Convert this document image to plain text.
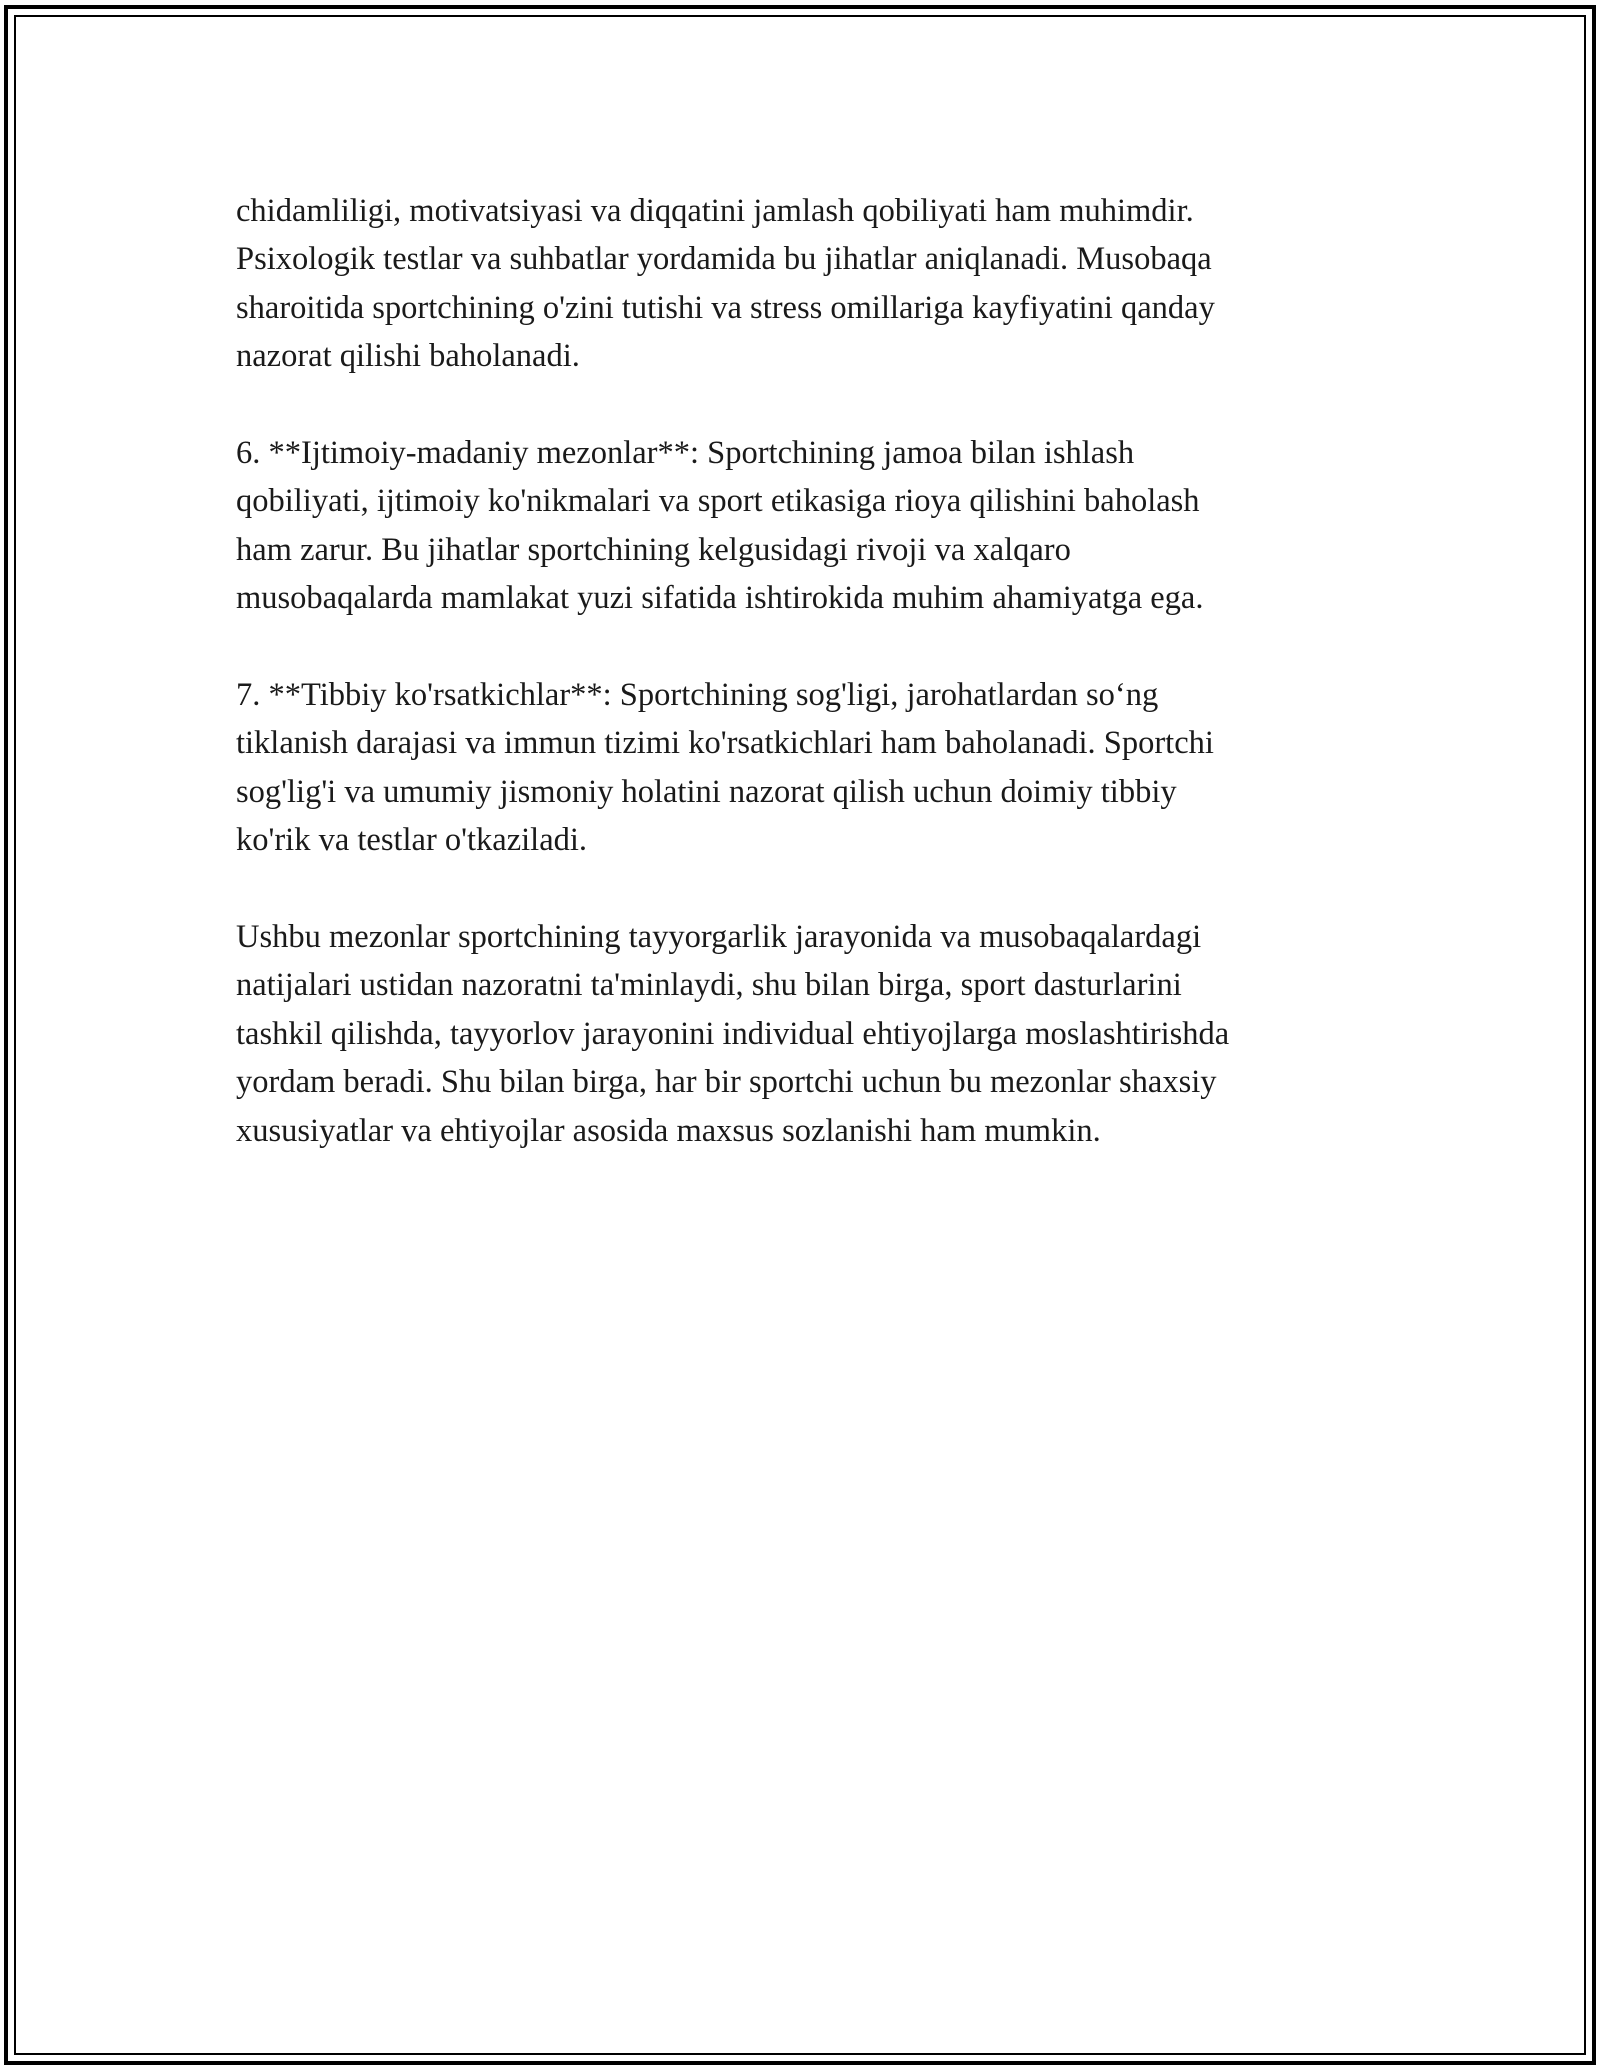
chidamliligi, motivatsiyasi va diqqatini jamlash qobiliyati ham muhimdir.
Psixologik testlar va suhbatlar yordamida bu jihatlar aniqlanadi. Musobaqa
sharoitida sportchining o'zini tutishi va stress omillariga kayfiyatini qanday
nazorat qilishi baholanadi.

6. **Ijtimoiy-madaniy mezonlar**: Sportchining jamoa bilan ishlash
qobiliyati, ijtimoiy ko'nikmalari va sport etikasiga rioya qilishini baholash
ham zarur. Bu jihatlar sportchining kelgusidagi rivoji va xalqaro
musobaqalarda mamlakat yuzi sifatida ishtirokida muhim ahamiyatga ega.

7. **Tibbiy ko'rsatkichlar**: Sportchining sog'ligi, jarohatlardan so‘ng
tiklanish darajasi va immun tizimi ko'rsatkichlari ham baholanadi. Sportchi
sog'lig'i va umumiy jismoniy holatini nazorat qilish uchun doimiy tibbiy
ko'rik va testlar o'tkaziladi.

Ushbu mezonlar sportchining tayyorgarlik jarayonida va musobaqalardagi
natijalari ustidan nazoratni ta'minlaydi, shu bilan birga, sport dasturlarini
tashkil qilishda, tayyorlov jarayonini individual ehtiyojlarga moslashtirishda
yordam beradi. Shu bilan birga, har bir sportchi uchun bu mezonlar shaxsiy
xususiyatlar va ehtiyojlar asosida maxsus sozlanishi ham mumkin.
